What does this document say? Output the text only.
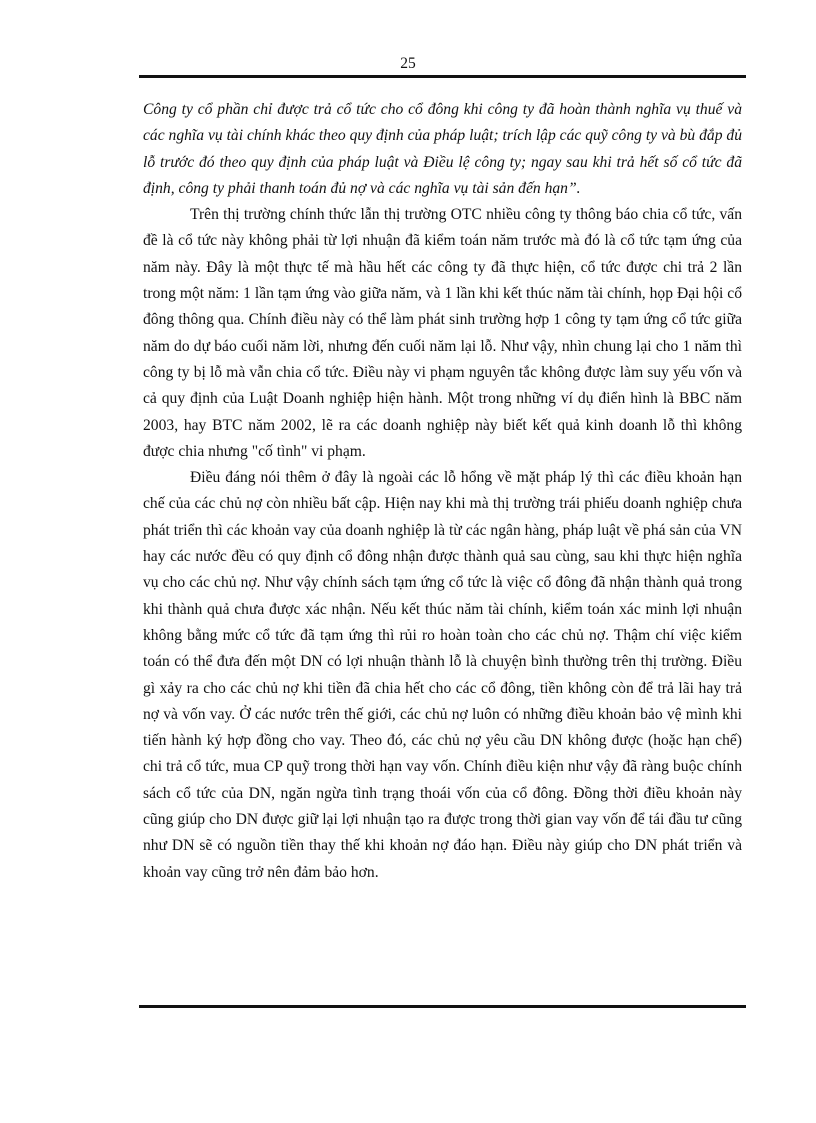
25

Công ty cổ phần chỉ được trả cổ tức cho cổ đông khi công ty đã hoàn thành nghĩa vụ thuế và các nghĩa vụ tài chính khác theo quy định của pháp luật; trích lập các quỹ công ty và bù đắp đủ lỗ trước đó theo quy định của pháp luật và Điều lệ công ty; ngay sau khi trả hết số cổ tức đã định, công ty phải thanh toán đủ nợ và các nghĩa vụ tài sản đến hạn”.

Trên thị trường chính thức lẫn thị trường OTC nhiều công ty thông báo chia cổ tức, vấn đề là cổ tức này không phải từ lợi nhuận đã kiểm toán năm trước mà đó là cổ tức tạm ứng của năm này. Đây là một thực tế mà hầu hết các công ty đã thực hiện, cổ tức được chi trả 2 lần trong một năm: 1 lần tạm ứng vào giữa năm, và 1 lần khi kết thúc năm tài chính, họp Đại hội cổ đông thông qua. Chính điều này có thể làm phát sinh trường hợp 1 công ty tạm ứng cổ tức giữa năm do dự báo cuối năm lời, nhưng đến cuối năm lại lỗ. Như vậy, nhìn chung lại cho 1 năm thì công ty bị lỗ mà vẫn chia cổ tức. Điều này vi phạm nguyên tắc không được làm suy yếu vốn và cả quy định của Luật Doanh nghiệp hiện hành. Một trong những ví dụ điển hình là BBC năm 2003, hay BTC năm 2002, lẽ ra các doanh nghiệp này biết kết quả kinh doanh lỗ thì không được chia nhưng "cố tình" vi phạm.

Điều đáng nói thêm ở đây là ngoài các lỗ hổng về mặt pháp lý thì các điều khoản hạn chế của các chủ nợ còn nhiều bất cập. Hiện nay khi mà thị trường trái phiếu doanh nghiệp chưa phát triển thì các khoản vay của doanh nghiệp là từ các ngân hàng, pháp luật về phá sản của VN hay các nước đều có quy định cổ đông nhận được thành quả sau cùng, sau khi thực hiện nghĩa vụ cho các chủ nợ. Như vậy chính sách tạm ứng cổ tức là việc cổ đông đã nhận thành quả trong khi thành quả chưa được xác nhận. Nếu kết thúc năm tài chính, kiểm toán xác minh lợi nhuận không bằng mức cổ tức đã tạm ứng thì rủi ro hoàn toàn cho các chủ nợ. Thậm chí việc kiểm toán có thể đưa đến một DN có lợi nhuận thành lỗ là chuyện bình thường trên thị trường. Điều gì xảy ra cho các chủ nợ khi tiền đã chia hết cho các cổ đông, tiền không còn để trả lãi hay trả nợ và vốn vay. Ở các nước trên thế giới, các chủ nợ luôn có những điều khoản bảo vệ mình khi tiến hành ký hợp đồng cho vay. Theo đó, các chủ nợ yêu cầu DN không được (hoặc hạn chế) chi trả cổ tức, mua CP quỹ trong thời hạn vay vốn. Chính điều kiện như vậy đã ràng buộc chính sách cổ tức của DN, ngăn ngừa tình trạng thoái vốn của cổ đông. Đồng thời điều khoản này cũng giúp cho DN được giữ lại lợi nhuận tạo ra được trong thời gian vay vốn để tái đầu tư cũng như DN sẽ có nguồn tiền thay thế khi khoản nợ đáo hạn. Điều này giúp cho DN phát triển và khoản vay cũng trở nên đảm bảo hơn.
